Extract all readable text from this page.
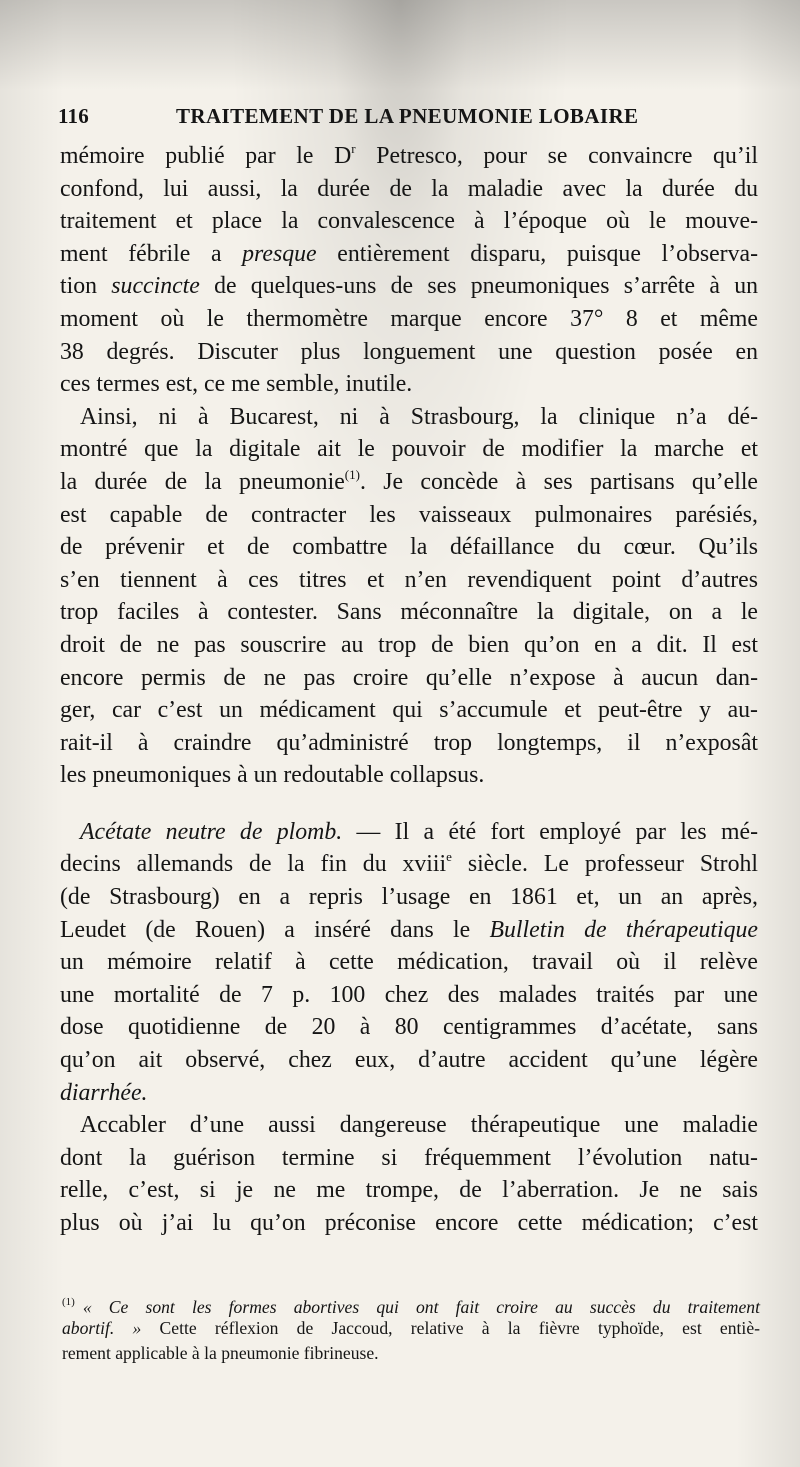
116	TRAITEMENT DE LA PNEUMONIE LOBAIRE
mémoire publié par le $D^r$ Petresco, pour se convaincre qu’il
confond, lui aussi, la durée de la maladie avec la durée du
traitement et place la convalescence à l’époque où le mouve-
ment fébrile a presque entièrement disparu, puisque l’observa-
tion succincte de quelques-uns de ses pneumoniques s’arrête à un
moment où le thermomètre marque encore 37° 8 et même
38 degrés. Discuter plus longuement une question posée en
ces termes est, ce me semble, inutile.
Ainsi, ni à Bucarest, ni à Strasbourg, la clinique n’a dé-
montré que la digitale ait le pouvoir de modifier la marche et
la durée de la pneumonie$^{(1)}$. Je concède à ses partisans qu’elle
est capable de contracter les vaisseaux pulmonaires parésiés,
de prévenir et de combattre la défaillance du cœur. Qu’ils
s’en tiennent à ces titres et n’en revendiquent point d’autres
trop faciles à contester. Sans méconnaître la digitale, on a le
droit de ne pas souscrire au trop de bien qu’on en a dit. Il est
encore permis de ne pas croire qu’elle n’expose à aucun dan-
ger, car c’est un médicament qui s’accumule et peut-être y au-
rait-il à craindre qu’administré trop longtemps, il n’exposât
les pneumoniques à un redoutable collapsus.
Acétate neutre de plomb. — Il a été fort employé par les mé-
decins allemands de la fin du xviii$^e$ siècle. Le professeur Strohl
(de Strasbourg) en a repris l’usage en 1861 et, un an après,
Leudet (de Rouen) a inséré dans le Bulletin de thérapeutique
un mémoire relatif à cette médication, travail où il relève
une mortalité de 7 p. 100 chez des malades traités par une
dose quotidienne de 20 à 80 centigrammes d’acétate, sans
qu’on ait observé, chez eux, d’autre accident qu’une légère
diarrhée.
Accabler d’une aussi dangereuse thérapeutique une maladie
dont la guérison termine si fréquemment l’évolution natu-
relle, c’est, si je ne me trompe, de l’aberration. Je ne sais
plus où j’ai lu qu’on préconise encore cette médication; c’est
$^{(1)}$ « Ce sont les formes abortives qui ont fait croire au succès du traitement
abortif. » Cette réflexion de Jaccoud, relative à la fièvre typhoïde, est entiè-
rement applicable à la pneumonie fibrineuse.
